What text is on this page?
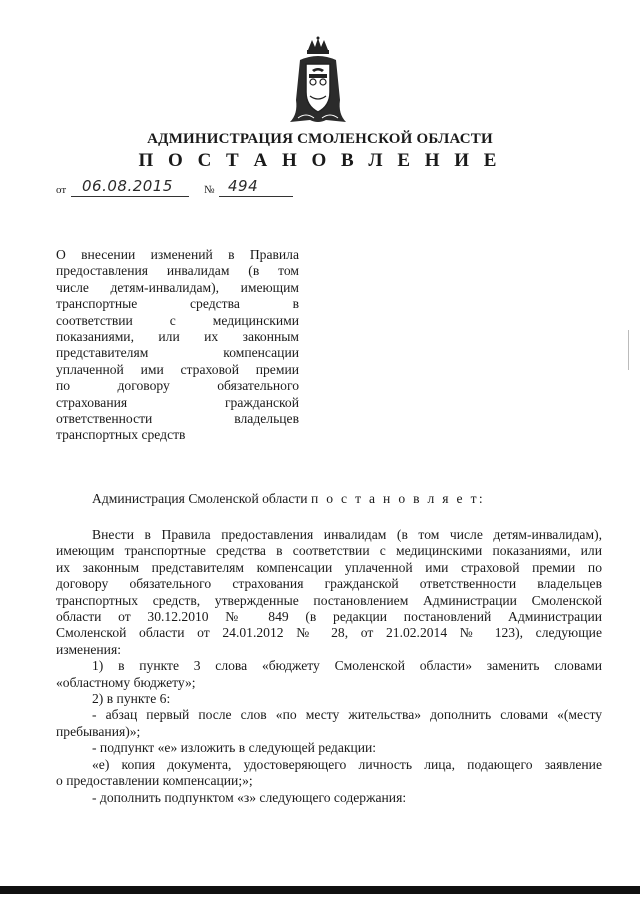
АДМИНИСТРАЦИЯ СМОЛЕНСКОЙ ОБЛАСТИ
П О С Т А Н О В Л Е Н И Е
от 06.08.2015	№ 494
О внесении изменений в Правила
предоставления инвалидам (в том
числе детям-инвалидам), имеющим
транспортные средства в
соответствии с медицинскими
показаниями, или их законным
представителям компенсации
уплаченной ими страховой премии
по договору обязательного
страхования гражданской
ответственности владельцев
транспортных средств
Администрация Смоленской области п о с т а н о в л я е т:
Внести в Правила предоставления инвалидам (в том числе детям-инвалидам),
имеющим транспортные средства в соответствии с медицинскими показаниями, или
их законным представителям компенсации уплаченной ими страховой премии по
договору обязательного страхования гражданской ответственности владельцев
транспортных средств, утвержденные постановлением Администрации Смоленской
области от 30.12.2010 № 849 (в редакции постановлений Администрации
Смоленской области от 24.01.2012 № 28, от 21.02.2014 № 123), следующие
изменения:
1) в пункте 3 слова «бюджету Смоленской области» заменить словами
«областному бюджету»;
2) в пункте 6:
- абзац первый после слов «по месту жительства» дополнить словами «(месту
пребывания)»;
- подпункт «е» изложить в следующей редакции:
«е) копия документа, удостоверяющего личность лица, подающего заявление
о предоставлении компенсации;»;
- дополнить подпунктом «з» следующего содержания:
